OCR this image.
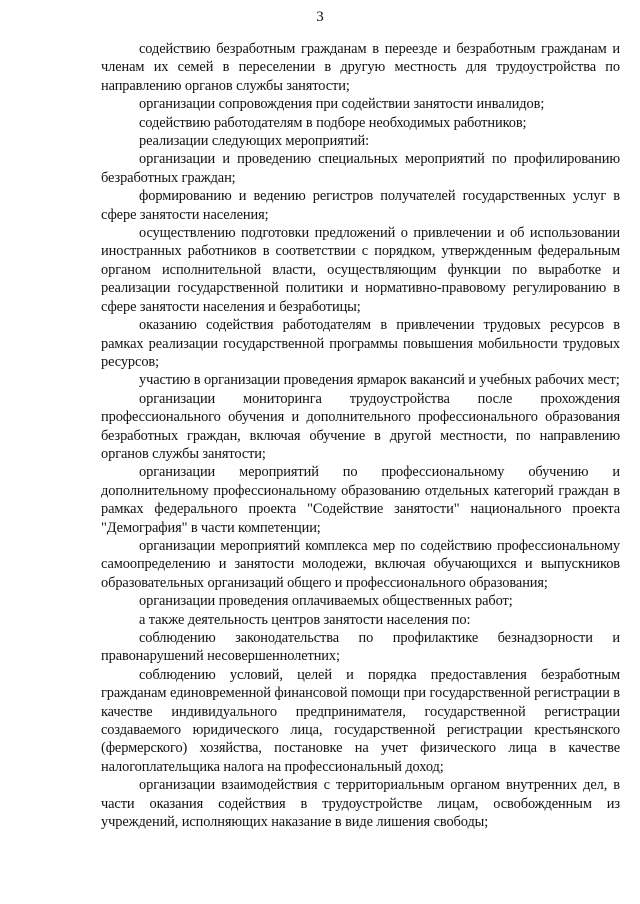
3

содействию безработным гражданам в переезде и безработным гражданам и членам их семей в переселении в другую местность для трудоустройства по направлению органов службы занятости;

организации сопровождения при содействии занятости инвалидов;

содействию работодателям в подборе необходимых работников;

реализации следующих мероприятий:

организации и проведению специальных мероприятий по профилированию безработных граждан;

формированию и ведению регистров получателей государственных услуг в сфере занятости населения;

осуществлению подготовки предложений о привлечении и об использовании иностранных работников в соответствии с порядком, утвержденным федеральным органом исполнительной власти, осуществляющим функции по выработке и реализации государственной политики и нормативно-правовому регулированию в сфере занятости населения и безработицы;

оказанию содействия работодателям в привлечении трудовых ресурсов в рамках реализации государственной программы повышения мобильности трудовых ресурсов;

участию в организации проведения ярмарок вакансий и учебных рабочих мест;

организации мониторинга трудоустройства после прохождения профессионального обучения и дополнительного профессионального образования безработных граждан, включая обучение в другой местности, по направлению органов службы занятости;

организации мероприятий по профессиональному обучению и дополнительному профессиональному образованию отдельных категорий граждан в рамках федерального проекта "Содействие занятости" национального проекта "Демография" в части компетенции;

организации мероприятий комплекса мер по содействию профессиональному самоопределению и занятости молодежи, включая обучающихся и выпускников образовательных организаций общего и профессионального образования;

организации проведения оплачиваемых общественных работ;

а также деятельность центров занятости населения по:

соблюдению законодательства по профилактике безнадзорности и правонарушений несовершеннолетних;

соблюдению условий, целей и порядка предоставления безработным гражданам единовременной финансовой помощи при государственной регистрации в качестве индивидуального предпринимателя, государственной регистрации создаваемого юридического лица, государственной регистрации крестьянского (фермерского) хозяйства, постановке на учет физического лица в качестве налогоплательщика налога на профессиональный доход;

организации взаимодействия с территориальным органом внутренних дел, в части оказания содействия в трудоустройстве лицам, освобожденным из учреждений, исполняющих наказание в виде лишения свободы;
